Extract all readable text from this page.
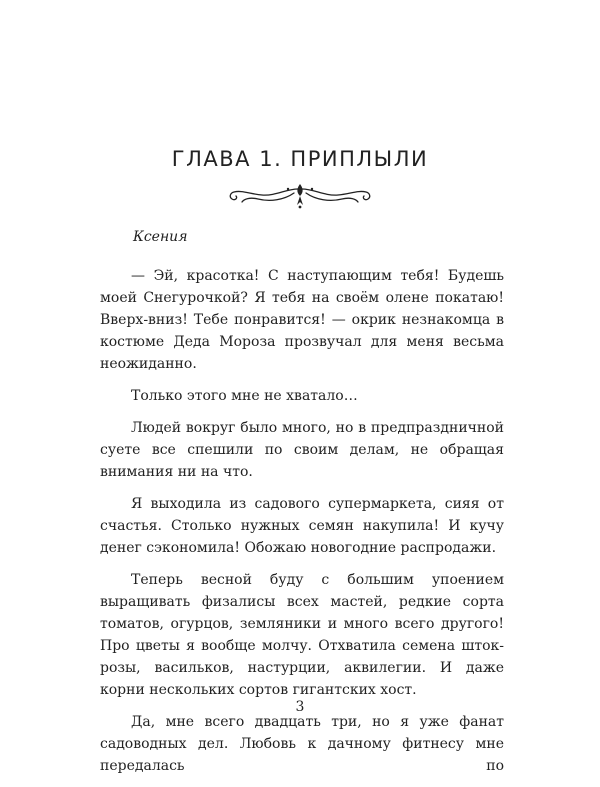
ГЛАВА 1. ПРИПЛЫЛИ

Ксения

— Эй, красотка! С наступающим тебя! Будешь моей Снегурочкой? Я тебя на своём олене покатаю! Вверх-вниз! Тебе понравится! — окрик незнакомца в костюме Деда Мороза прозвучал для меня весьма неожиданно.

Только этого мне не хватало…

Людей вокруг было много, но в предпраздничной суете все спешили по своим делам, не обращая внимания ни на что.

Я выходила из садового супермаркета, сияя от счастья. Столько нужных семян накупила! И кучу денег сэкономила! Обожаю новогодние распродажи.

Теперь весной буду с большим упоением выращивать физалисы всех мастей, редкие сорта томатов, огурцов, земляники и много всего другого! Про цветы я вообще молчу. Отхватила семена шток-розы, васильков, настурции, аквилегии. И даже корни нескольких сортов гигантских хост.

Да, мне всего двадцать три, но я уже фанат садоводных дел. Любовь к дачному фитнесу мне передалась по

3
